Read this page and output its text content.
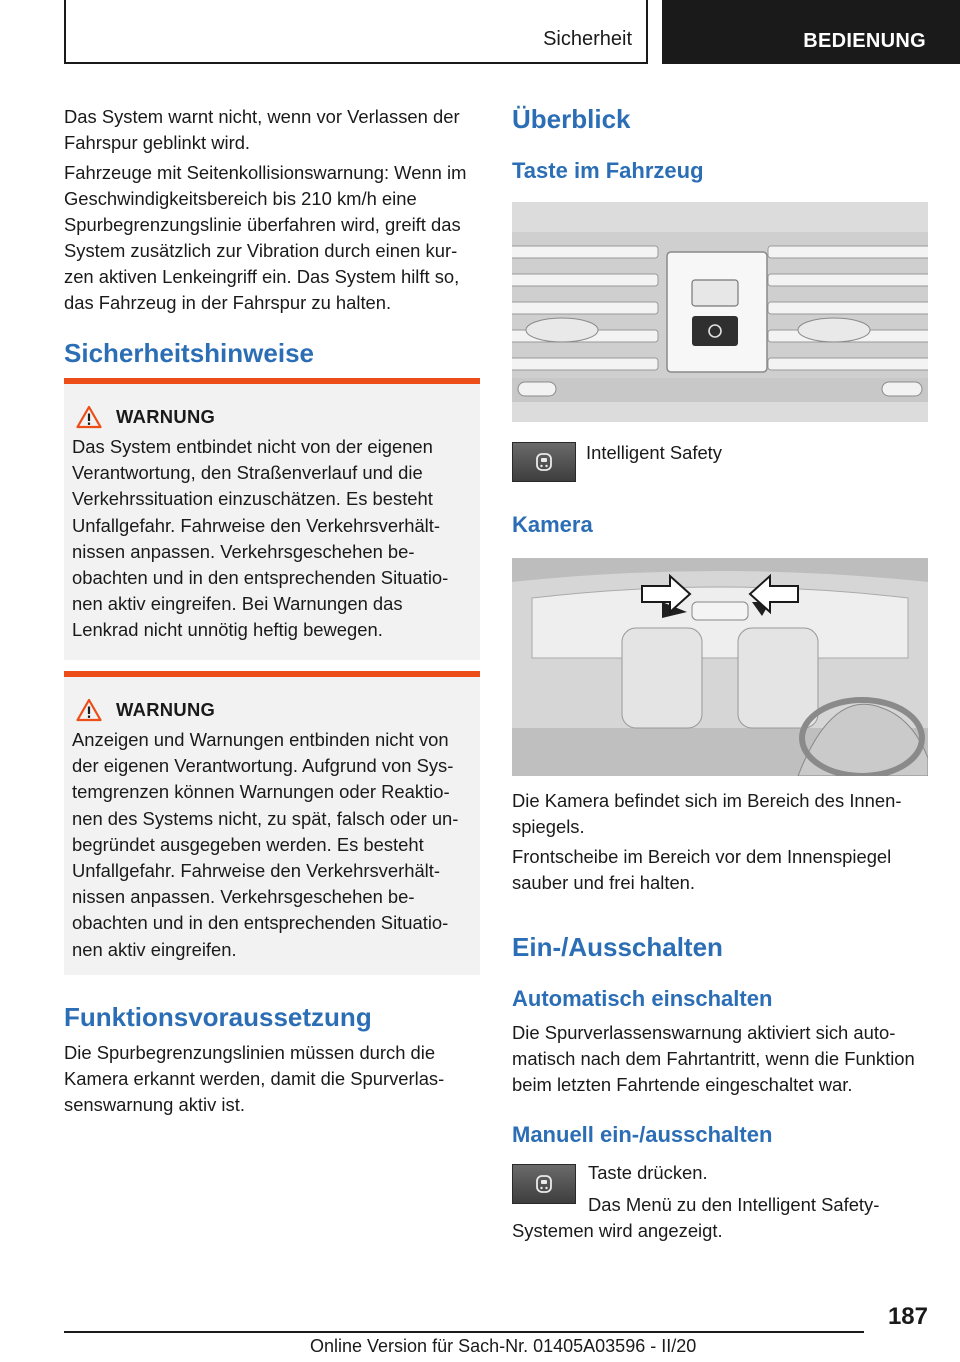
Sicherheit	BEDIENUNG

Das System warnt nicht, wenn vor Verlassen der Fahrspur geblinkt wird.

Fahrzeuge mit Seitenkollisionswarnung: Wenn im Geschwindigkeitsbereich bis 210 km/h eine Spurbegrenzungslinie überfahren wird, greift das System zusätzlich zur Vibration durch einen kurzen aktiven Lenkeingriff ein. Das System hilft so, das Fahrzeug in der Fahrspur zu halten.

Sicherheitshinweise
WARNUNG

Das System entbindet nicht von der eigenen Verantwortung, den Straßenverlauf und die Verkehrssituation einzuschätzen. Es besteht Unfallgefahr. Fahrweise den Verkehrsverhältnissen anpassen. Verkehrsgeschehen beobachten und in den entsprechenden Situationen aktiv eingreifen. Bei Warnungen das Lenkrad nicht unnötig heftig bewegen.

WARNUNG

Anzeigen und Warnungen entbinden nicht von der eigenen Verantwortung. Aufgrund von Systemgrenzen können Warnungen oder Reaktionen des Systems nicht, zu spät, falsch oder unbegründet ausgegeben werden. Es besteht Unfallgefahr. Fahrweise den Verkehrsverhältnissen anpassen. Verkehrsgeschehen beobachten und in den entsprechenden Situationen aktiv eingreifen.

Funktionsvoraussetzung

Die Spurbegrenzungslinien müssen durch die Kamera erkannt werden, damit die Spurverlassenswarnung aktiv ist.

Überblick
Taste im Fahrzeug

Intelligent Safety

Kamera

Die Kamera befindet sich im Bereich des Innenspiegels.

Frontscheibe im Bereich vor dem Innenspiegel sauber und frei halten.

Ein-/Ausschalten
Automatisch einschalten

Die Spurverlassenswarnung aktiviert sich automatisch nach dem Fahrtantritt, wenn die Funktion beim letzten Fahrtende eingeschaltet war.

Manuell ein-/ausschalten

Taste drücken.

Das Menü zu den Intelligent Safety-Systemen wird angezeigt.

187
Online Version für Sach-Nr. 01405A03596 - II/20
